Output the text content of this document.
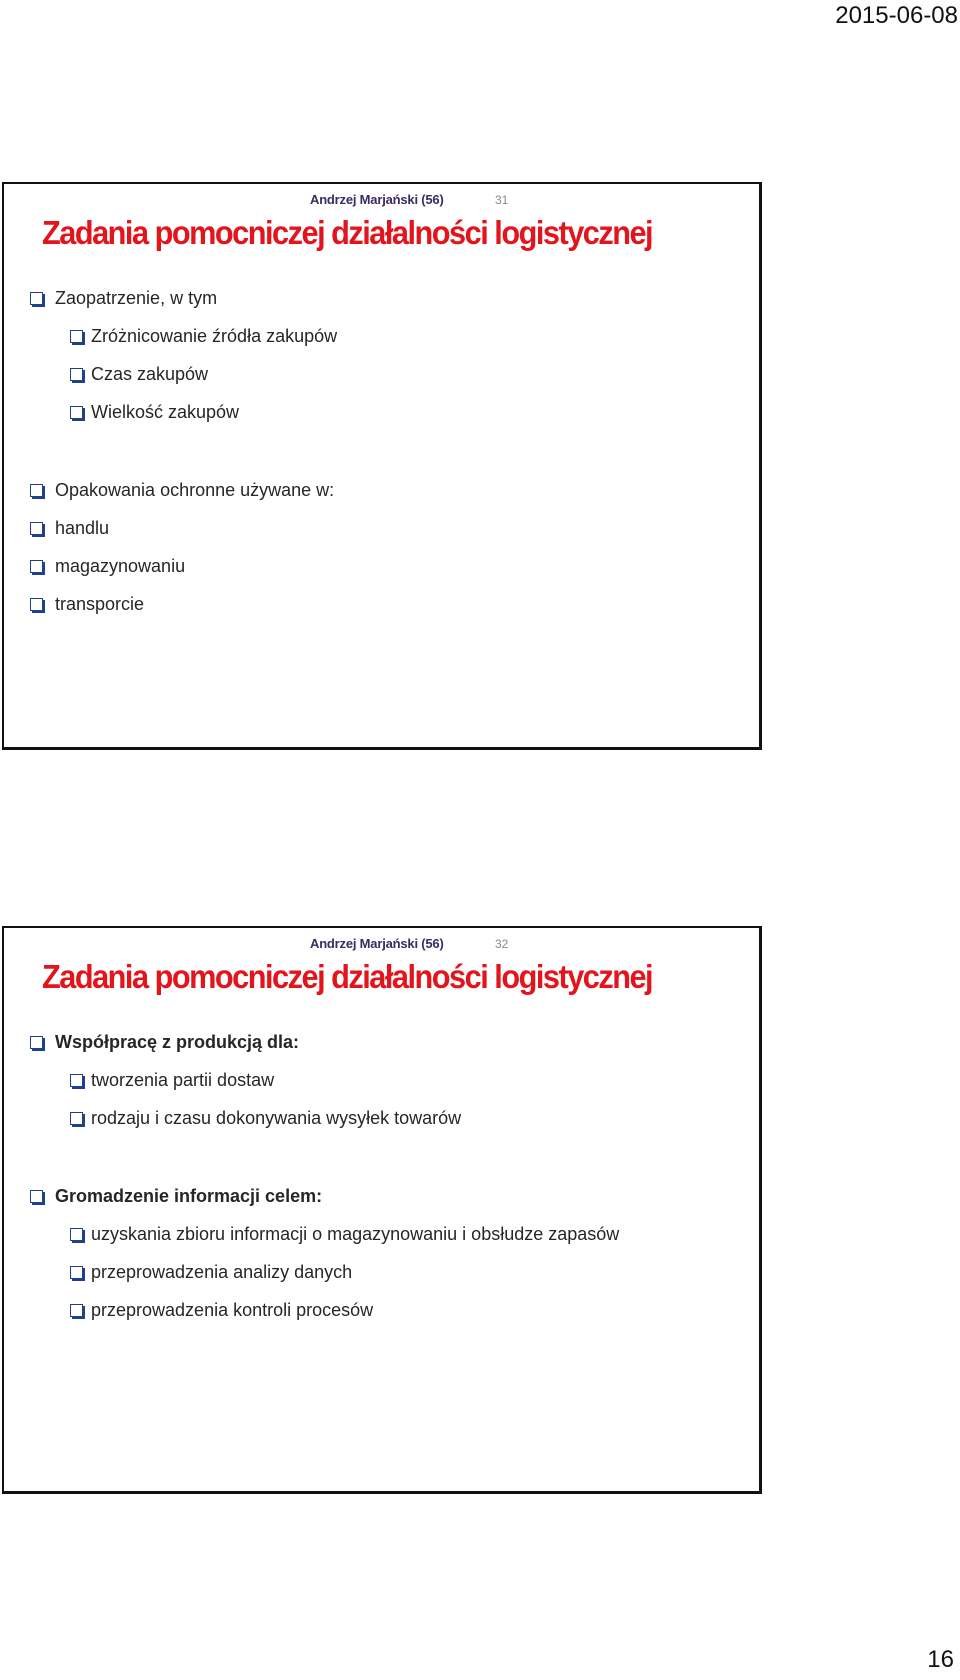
2015-06-08
Andrzej Marjański (56)	31
Zadania pomocniczej działalności logistycznej
Zaopatrzenie, w tym
Zróżnicowanie źródła zakupów
Czas zakupów
Wielkość zakupów
Opakowania ochronne używane w:
handlu
magazynowaniu
transporcie
Andrzej Marjański (56)	32
Zadania pomocniczej działalności logistycznej
Współpracę z produkcją dla:
tworzenia partii dostaw
rodzaju i czasu dokonywania wysyłek towarów
Gromadzenie informacji celem:
uzyskania zbioru informacji o magazynowaniu i obsłudze zapasów
przeprowadzenia analizy danych
przeprowadzenia kontroli procesów
16
